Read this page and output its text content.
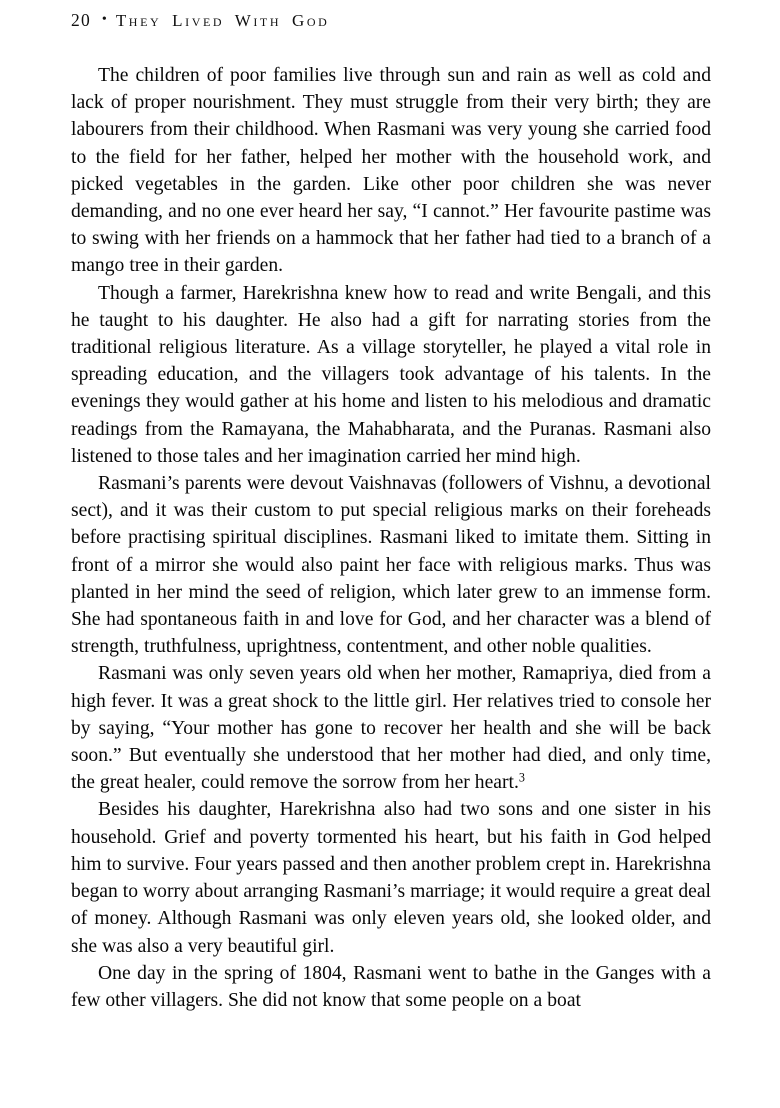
20 • They Lived With God

The children of poor families live through sun and rain as well as cold and lack of proper nourishment. They must struggle from their very birth; they are labourers from their childhood. When Rasmani was very young she carried food to the field for her father, helped her mother with the household work, and picked vegetables in the garden. Like other poor children she was never demanding, and no one ever heard her say, “I cannot.” Her favourite pastime was to swing with her friends on a hammock that her father had tied to a branch of a mango tree in their garden.

Though a farmer, Harekrishna knew how to read and write Bengali, and this he taught to his daughter. He also had a gift for narrating stories from the traditional religious literature. As a village storyteller, he played a vital role in spreading education, and the villagers took advantage of his talents. In the evenings they would gather at his home and listen to his melodious and dramatic readings from the Ramayana, the Mahabharata, and the Puranas. Rasmani also listened to those tales and her imagination carried her mind high.

Rasmani’s parents were devout Vaishnavas (followers of Vishnu, a devotional sect), and it was their custom to put special religious marks on their foreheads before practising spiritual disciplines. Rasmani liked to imitate them. Sitting in front of a mirror she would also paint her face with religious marks. Thus was planted in her mind the seed of religion, which later grew to an immense form. She had spontaneous faith in and love for God, and her character was a blend of strength, truthfulness, uprightness, contentment, and other noble qualities.

Rasmani was only seven years old when her mother, Ramapriya, died from a high fever. It was a great shock to the little girl. Her relatives tried to console her by saying, “Your mother has gone to recover her health and she will be back soon.” But eventually she understood that her mother had died, and only time, the great healer, could remove the sorrow from her heart.$^3$

Besides his daughter, Harekrishna also had two sons and one sister in his household. Grief and poverty tormented his heart, but his faith in God helped him to survive. Four years passed and then another problem crept in. Harekrishna began to worry about arranging Rasmani’s marriage; it would require a great deal of money. Although Rasmani was only eleven years old, she looked older, and she was also a very beautiful girl.

One day in the spring of 1804, Rasmani went to bathe in the Ganges with a few other villagers. She did not know that some people on a boat
